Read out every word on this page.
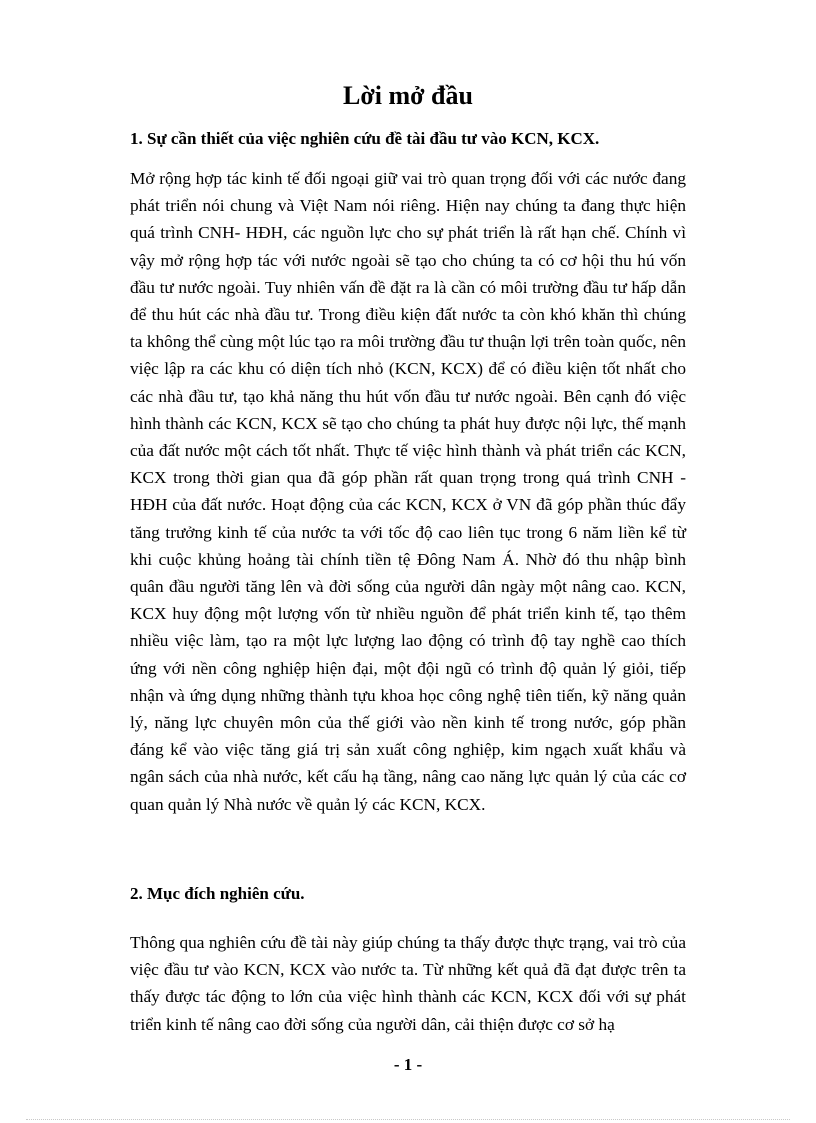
Lời mở đầu
1. Sự cần thiết của việc nghiên cứu đề tài đầu tư vào KCN, KCX.

Mở rộng hợp tác kinh tế đối ngoại giữ vai trò quan trọng đối với các nước đang phát triển nói chung và Việt Nam nói riêng. Hiện nay chúng ta đang thực hiện quá trình CNH- HĐH, các nguồn lực cho sự phát triển là rất hạn chế. Chính vì vậy mở rộng hợp tác với nước ngoài sẽ tạo cho chúng ta có cơ hội thu hú vốn đầu tư nước ngoài. Tuy nhiên vấn đề đặt ra là cần có môi trường đầu tư hấp dẫn để thu hút các nhà đầu tư. Trong điều kiện đất nước ta còn khó khăn thì chúng ta không thể cùng một lúc tạo ra môi trường đầu tư thuận lợi trên toàn quốc, nên việc lập ra các khu có diện tích nhỏ (KCN, KCX) để có điều kiện tốt nhất cho các nhà đầu tư, tạo khả năng thu hút vốn đầu tư nước ngoài. Bên cạnh đó việc hình thành các KCN, KCX sẽ tạo cho chúng ta phát huy được nội lực, thế mạnh của đất nước một cách tốt nhất. Thực tế việc hình thành và phát triển các KCN, KCX trong thời gian qua đã góp phần rất quan trọng trong quá trình CNH - HĐH của đất nước. Hoạt động của các KCN, KCX ở VN đã góp phần thúc đẩy tăng trưởng kinh tế của nước ta với tốc độ cao liên tục trong 6 năm liền kể từ khi cuộc khủng hoảng tài chính tiền tệ Đông Nam Á. Nhờ đó thu nhập bình quân đầu người tăng lên và đời sống của người dân ngày một nâng cao. KCN, KCX huy động một lượng vốn từ nhiều nguồn để phát triển kinh tế, tạo thêm nhiều việc làm, tạo ra một lực lượng lao động có trình độ tay nghề cao thích ứng với nền công nghiệp hiện đại, một đội ngũ có trình độ quản lý giỏi, tiếp nhận và ứng dụng những thành tựu khoa học công nghệ tiên tiến, kỹ năng quản lý, năng lực chuyên môn của thế giới vào nền kinh tế trong nước, góp phần đáng kể vào việc tăng giá trị sản xuất công nghiệp, kim ngạch xuất khẩu và ngân sách của nhà nước, kết cấu hạ tầng, nâng cao năng lực quản lý của các cơ quan quản lý Nhà nước về quản lý các KCN, KCX.

2. Mục đích nghiên cứu.

Thông qua nghiên cứu đề tài này giúp chúng ta thấy được thực trạng, vai trò của việc đầu tư vào KCN, KCX vào nước ta. Từ những kết quả đã đạt được trên ta thấy được tác động to lớn của việc hình thành các KCN, KCX đối với sự phát triển kinh tế nâng cao đời sống của người dân, cải thiện được cơ sở hạ

- 1 -
